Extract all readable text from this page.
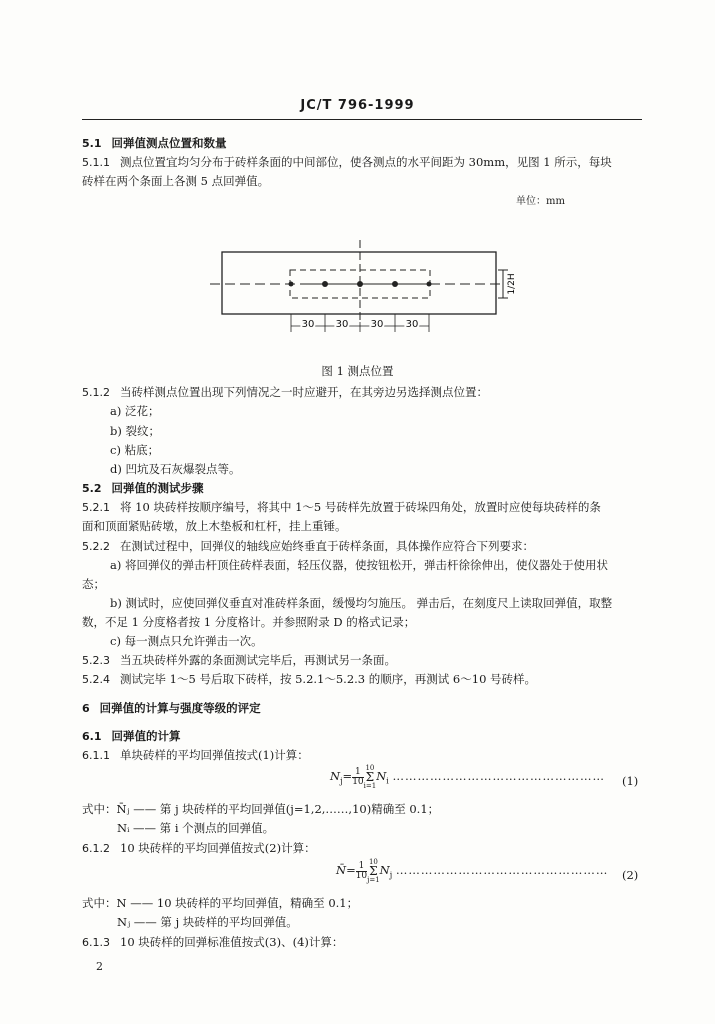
JC/T 796-1999
5.1 回弹值测点位置和数量
5.1.1 测点位置宜均匀分布于砖样条面的中间部位，使各测点的水平间距为 30mm，见图 1 所示，每块
砖样在两个条面上各测 5 点回弹值。
单位：mm
1/2H
30 30 30 30
图 1 测点位置
5.1.2 当砖样测点位置出现下列情况之一时应避开，在其旁边另选择测点位置：
a) 泛花；
b) 裂纹；
c) 粘底；
d) 凹坑及石灰爆裂点等。
5.2 回弹值的测试步骤
5.2.1 将 10 块砖样按顺序编号，将其中 1～5 号砖样先放置于砖垛四角处，放置时应使每块砖样的条
面和顶面紧贴砖墩，放上木垫板和杠杆，挂上重锤。
5.2.2 在测试过程中，回弹仪的轴线应始终垂直于砖样条面，具体操作应符合下列要求：
a) 将回弹仪的弹击杆顶住砖样表面，轻压仪器，使按钮松开，弹击杆徐徐伸出，使仪器处于使用状
态；
b) 测试时，应使回弹仪垂直对准砖样条面，缓慢均匀施压。 弹击后，在刻度尺上读取回弹值，取整
数，不足 1 分度格者按 1 分度格计。并参照附录 D 的格式记录；
c) 每一测点只允许弹击一次。
5.2.3 当五块砖样外露的条面测试完毕后，再测试另一条面。
5.2.4 测试完毕 1～5 号后取下砖样，按 5.2.1～5.2.3 的顺序，再测试 6～10 号砖样。
6 回弹值的计算与强度等级的评定
6.1 回弹值的计算
6.1.1 单块砖样的平均回弹值按式(1)计算：
$N_j= \frac{1}{10} 10$
Σ
i=1
$N_i$ …………………………………………… (1)
式中：N̄ⱼ —— 第 j 块砖样的平均回弹值(j=1,2,……,10)精确至 0.1；
Nᵢ —— 第 i 个测点的回弹值。
6.1.2 10 块砖样的平均回弹值按式(2)计算：
N̄= $\frac{1}{10} 10$
Σ
j=1
$N_j$ …………………………………………… (2)
式中：N —— 10 块砖样的平均回弹值，精确至 0.1；
Nⱼ —— 第 j 块砖样的平均回弹值。
6.1.3 10 块砖样的回弹标准值按式(3)、(4)计算：
2
